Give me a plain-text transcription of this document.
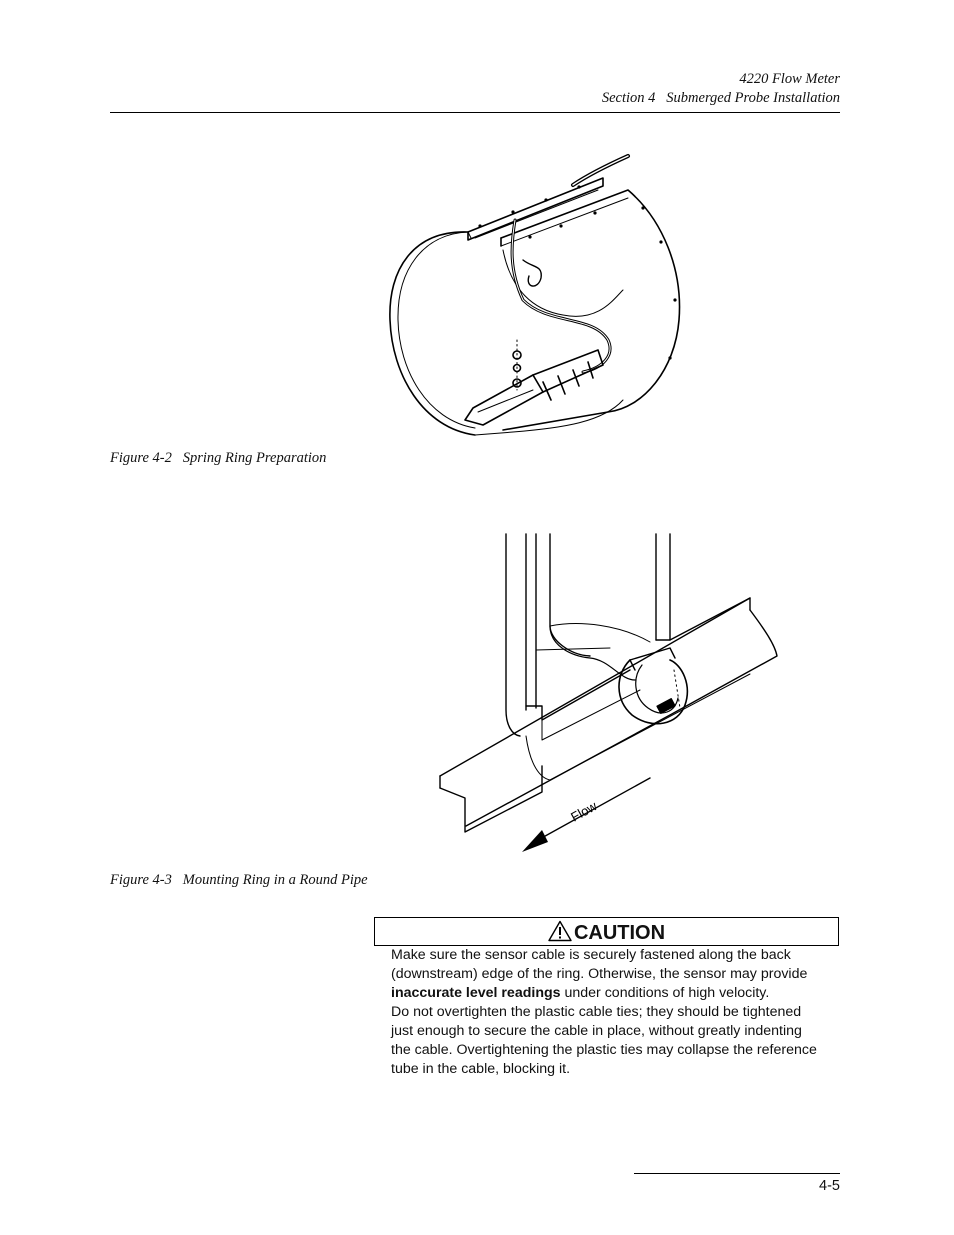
4220 Flow Meter
Section 4   Submerged Probe Installation
Figure 4-2   Spring Ring Preparation
Flow
Figure 4-3   Mounting Ring in a Round Pipe
CAUTION

Make sure the sensor cable is securely fastened along the back (downstream) edge of the ring. Otherwise, the sensor may provide inaccurate level readings under conditions of high velocity.

Do not overtighten the plastic cable ties; they should be tightened just enough to secure the cable in place, without greatly indenting the cable. Overtightening the plastic ties may collapse the reference tube in the cable, blocking it.

4-5
